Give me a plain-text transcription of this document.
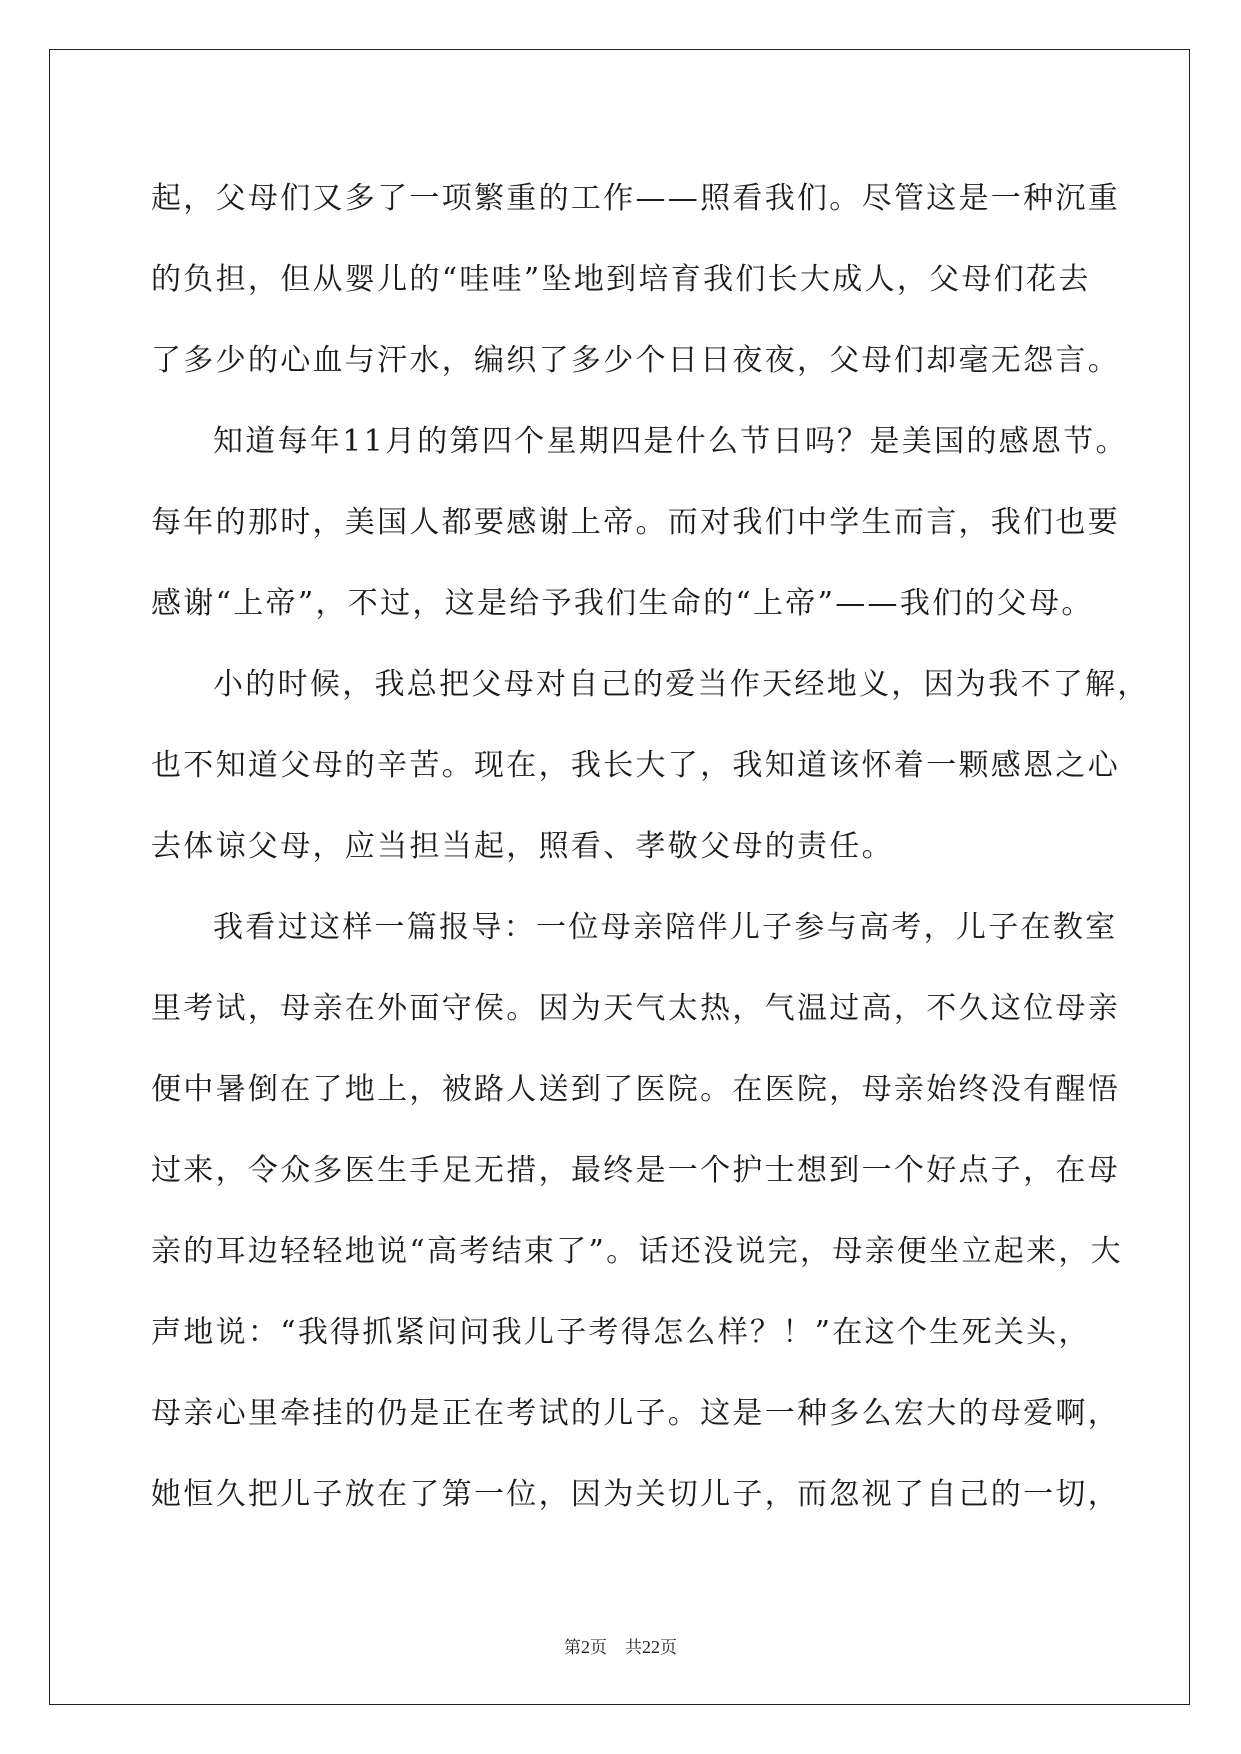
起，父母们又多了一项繁重的工作——照看我们。尽管这是一种沉重
的负担，但从婴儿的“哇哇”坠地到培育我们长大成人，父母们花去
了多少的心血与汗水，编织了多少个日日夜夜，父母们却毫无怨言。
知道每年11月的第四个星期四是什么节日吗？是美国的感恩节。
每年的那时，美国人都要感谢上帝。而对我们中学生而言，我们也要
感谢“上帝”，不过，这是给予我们生命的“上帝”——我们的父母。
小的时候，我总把父母对自己的爱当作天经地义，因为我不了解，
也不知道父母的辛苦。现在，我长大了，我知道该怀着一颗感恩之心
去体谅父母，应当担当起，照看、孝敬父母的责任。
我看过这样一篇报导：一位母亲陪伴儿子参与高考，儿子在教室
里考试，母亲在外面守侯。因为天气太热，气温过高，不久这位母亲
便中暑倒在了地上，被路人送到了医院。在医院，母亲始终没有醒悟
过来，令众多医生手足无措，最终是一个护士想到一个好点子，在母
亲的耳边轻轻地说“高考结束了”。话还没说完，母亲便坐立起来，大
声地说：“我得抓紧问问我儿子考得怎么样？！”在这个生死关头，
母亲心里牵挂的仍是正在考试的儿子。这是一种多么宏大的母爱啊，
她恒久把儿子放在了第一位，因为关切儿子，而忽视了自己的一切，
第2页 共22页
